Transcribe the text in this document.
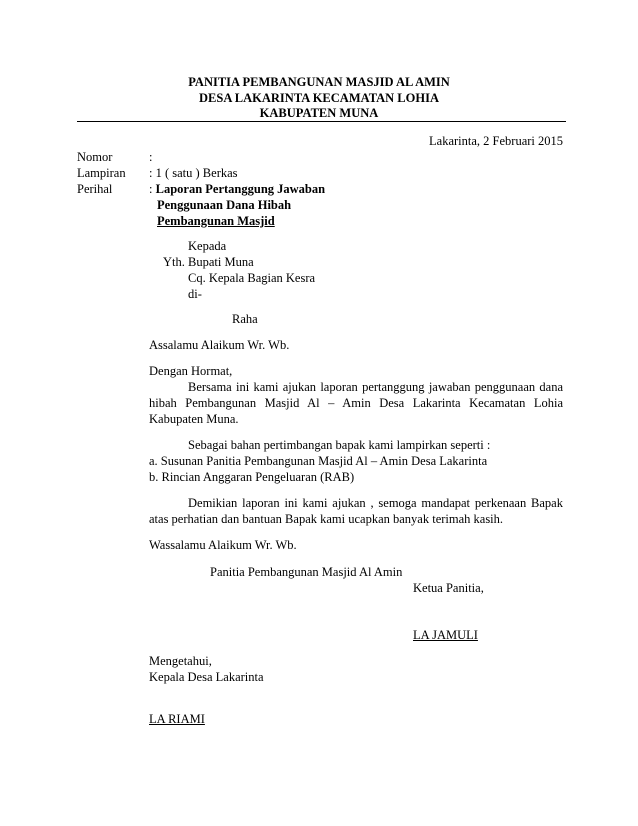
PANITIA PEMBANGUNAN MASJID AL AMIN
DESA LAKARINTA KECAMATAN LOHIA
KABUPATEN MUNA
Lakarinta, 2 Februari 2015
Nomor	:
Lampiran : 1 ( satu ) Berkas
Perihal	: Laporan Pertanggung Jawaban
Penggunaan Dana Hibah
Pembangunan Masjid
Kepada
Yth. Bupati Muna
Cq. Kepala Bagian Kesra
di-
Raha
Assalamu Alaikum Wr. Wb.
Dengan Hormat,
Bersama ini kami ajukan laporan pertanggung jawaban penggunaan dana
hibah Pembangunan Masjid Al – Amin Desa Lakarinta Kecamatan Lohia
Kabupaten Muna.
Sebagai bahan pertimbangan bapak kami lampirkan seperti :
a. Susunan Panitia Pembangunan Masjid Al – Amin Desa Lakarinta
b. Rincian Anggaran Pengeluaran (RAB)
Demikian laporan ini kami ajukan , semoga mandapat perkenaan Bapak
atas perhatian dan bantuan Bapak kami ucapkan banyak terimah kasih.
Wassalamu Alaikum Wr. Wb.
Panitia Pembangunan Masjid Al Amin
Ketua Panitia,
LA JAMULI
Mengetahui,
Kepala Desa Lakarinta
LA RIAMI
